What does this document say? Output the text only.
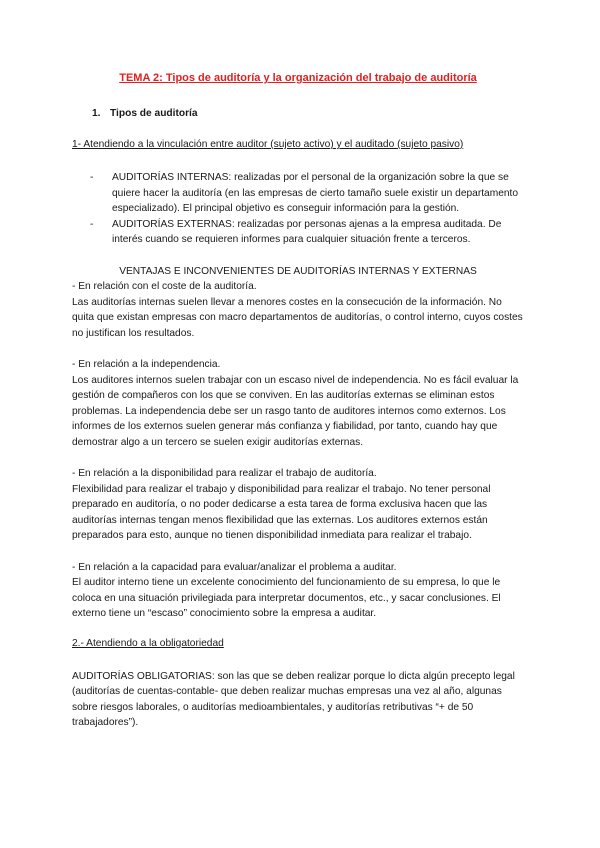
TEMA 2: Tipos de auditoría y la organización del trabajo de auditoría
1. Tipos de auditoría
1- Atendiendo a la vinculación entre auditor (sujeto activo) y el auditado (sujeto pasivo)
- AUDITORÍAS INTERNAS: realizadas por el personal de la organización sobre la que se quiere hacer la auditoría (en las empresas de cierto tamaño suele existir un departamento especializado). El principal objetivo es conseguir información para la gestión.
- AUDITORÍAS EXTERNAS: realizadas por personas ajenas a la empresa auditada. De interés cuando se requieren informes para cualquier situación frente a terceros.
VENTAJAS E INCONVENIENTES DE AUDITORÍAS INTERNAS Y EXTERNAS

- En relación con el coste de la auditoría.
Las auditorías internas suelen llevar a menores costes en la consecución de la información. No quita que existan empresas con macro departamentos de auditorías, o control interno, cuyos costes no justifican los resultados.

- En relación a la independencia.
Los auditores internos suelen trabajar con un escaso nivel de independencia. No es fácil evaluar la gestión de compañeros con los que se conviven. En las auditorías externas se eliminan estos problemas. La independencia debe ser un rasgo tanto de auditores internos como externos. Los informes de los externos suelen generar más confianza y fiabilidad, por tanto, cuando hay que demostrar algo a un tercero se suelen exigir auditorías externas.

- En relación a la disponibilidad para realizar el trabajo de auditoría.
Flexibilidad para realizar el trabajo y disponibilidad para realizar el trabajo. No tener personal preparado en auditoría, o no poder dedicarse a esta tarea de forma exclusiva hacen que las auditorías internas tengan menos flexibilidad que las externas. Los auditores externos están preparados para esto, aunque no tienen disponibilidad inmediata para realizar el trabajo.

- En relación a la capacidad para evaluar/analizar el problema a auditar.
El auditor interno tiene un excelente conocimiento del funcionamiento de su empresa, lo que le coloca en una situación privilegiada para interpretar documentos, etc., y sacar conclusiones. El externo tiene un “escaso” conocimiento sobre la empresa a auditar.

2.- Atendiendo a la obligatoriedad

AUDITORÍAS OBLIGATORIAS: son las que se deben realizar porque lo dicta algún precepto legal (auditorías de cuentas-contable- que deben realizar muchas empresas una vez al año, algunas sobre riesgos laborales, o auditorías medioambientales, y auditorías retributivas “+ de 50 trabajadores”).
